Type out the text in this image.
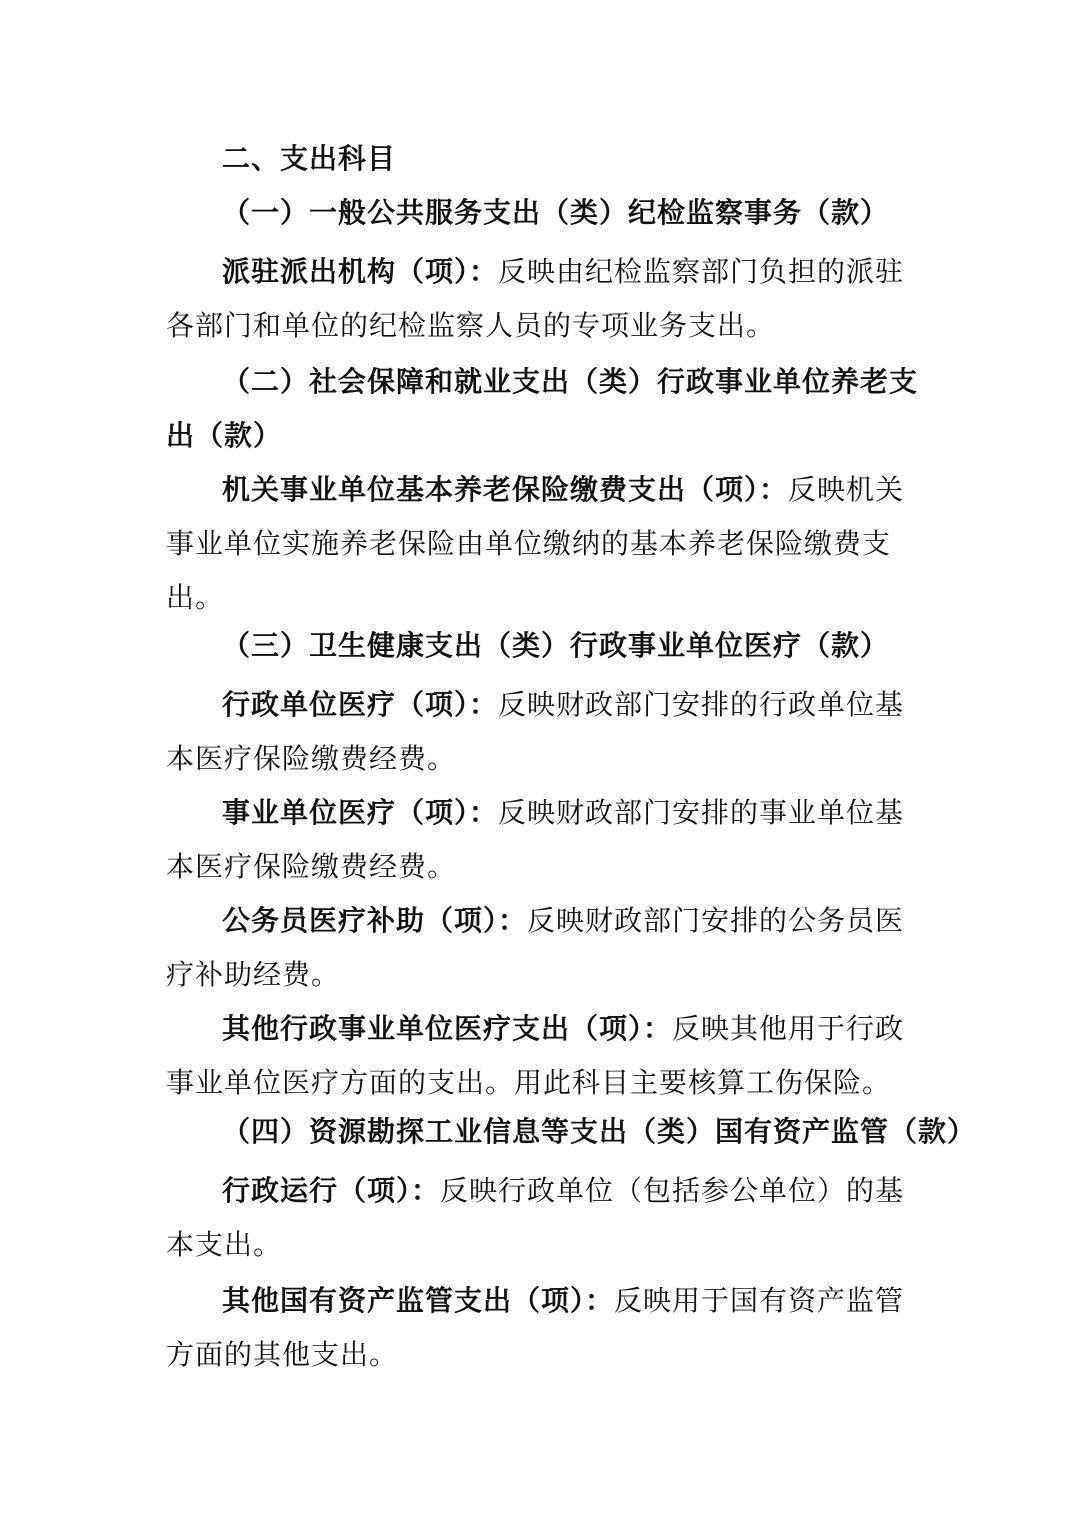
二、支出科目
（一）一般公共服务支出（类）纪检监察事务（款）
派驻派出机构（项）：反映由纪检监察部门负担的派驻
各部门和单位的纪检监察人员的专项业务支出。
（二）社会保障和就业支出（类）行政事业单位养老支
出（款）
机关事业单位基本养老保险缴费支出（项）：反映机关
事业单位实施养老保险由单位缴纳的基本养老保险缴费支
出。
（三）卫生健康支出（类）行政事业单位医疗（款）
行政单位医疗（项）：反映财政部门安排的行政单位基
本医疗保险缴费经费。
事业单位医疗（项）：反映财政部门安排的事业单位基
本医疗保险缴费经费。
公务员医疗补助（项）：反映财政部门安排的公务员医
疗补助经费。
其他行政事业单位医疗支出（项）：反映其他用于行政
事业单位医疗方面的支出。用此科目主要核算工伤保险。
（四）资源勘探工业信息等支出（类）国有资产监管（款）
行政运行（项）：反映行政单位（包括参公单位）的基
本支出。
其他国有资产监管支出（项）：反映用于国有资产监管
方面的其他支出。
